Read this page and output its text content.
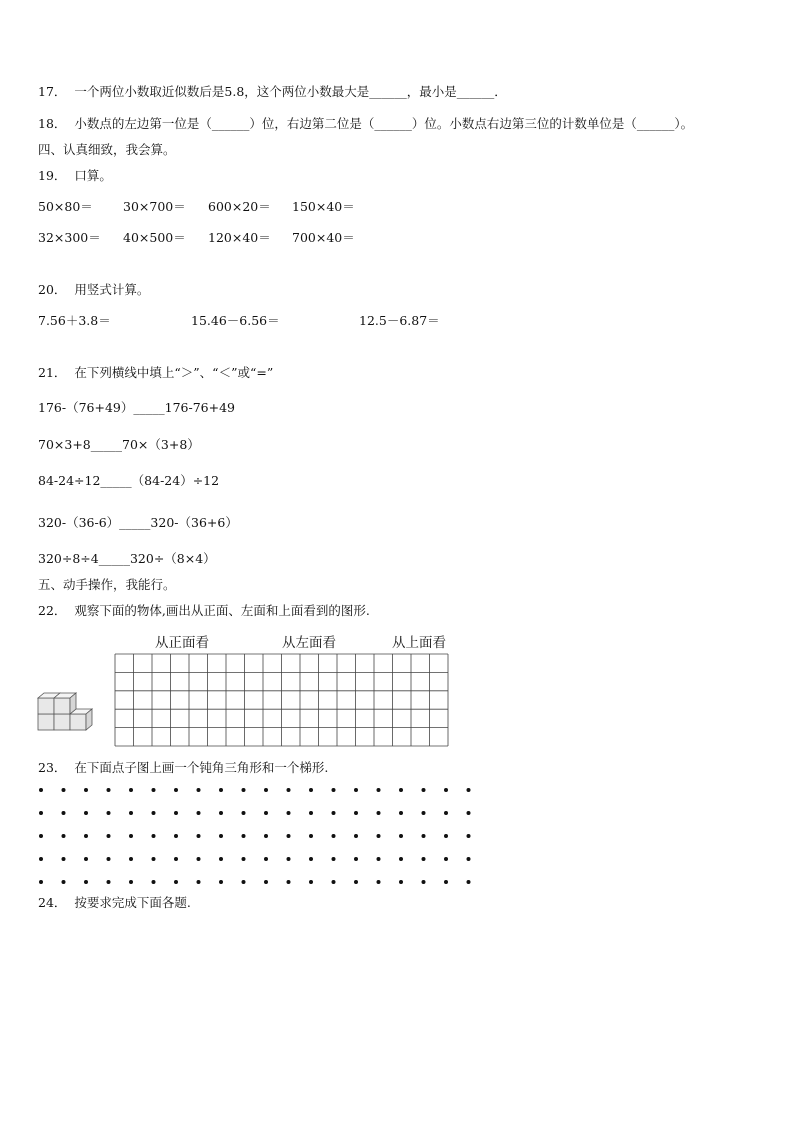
17． 一个两位小数取近似数后是5.8，这个两位小数最大是______，最小是______．
18． 小数点的左边第一位是（______）位，右边第二位是（______）位。小数点右边第三位的计数单位是（______）。
四、认真细致，我会算。
19． 口算。
50×80＝ 30×700＝ 600×20＝ 150×40＝
32×300＝ 40×500＝ 120×40＝ 700×40＝
20． 用竖式计算。
7.56＋3.8＝	15.46－6.56＝	12.5－6.87＝
21． 在下列横线中填上“＞”、“＜”或“=”
176-（76+49）_____176-76+49
70×3+8_____70×（3+8）
84-24÷12_____（84-24）÷12
320-（36-6）_____320-（36+6）
320÷8÷4_____320÷（8×4）
五、动手操作，我能行。
22． 观察下面的物体,画出从正面、左面和上面看到的图形.
从正面看	从左面看	从上面看
23． 在下面点子图上画一个钝角三角形和一个梯形.
24． 按要求完成下面各题.
